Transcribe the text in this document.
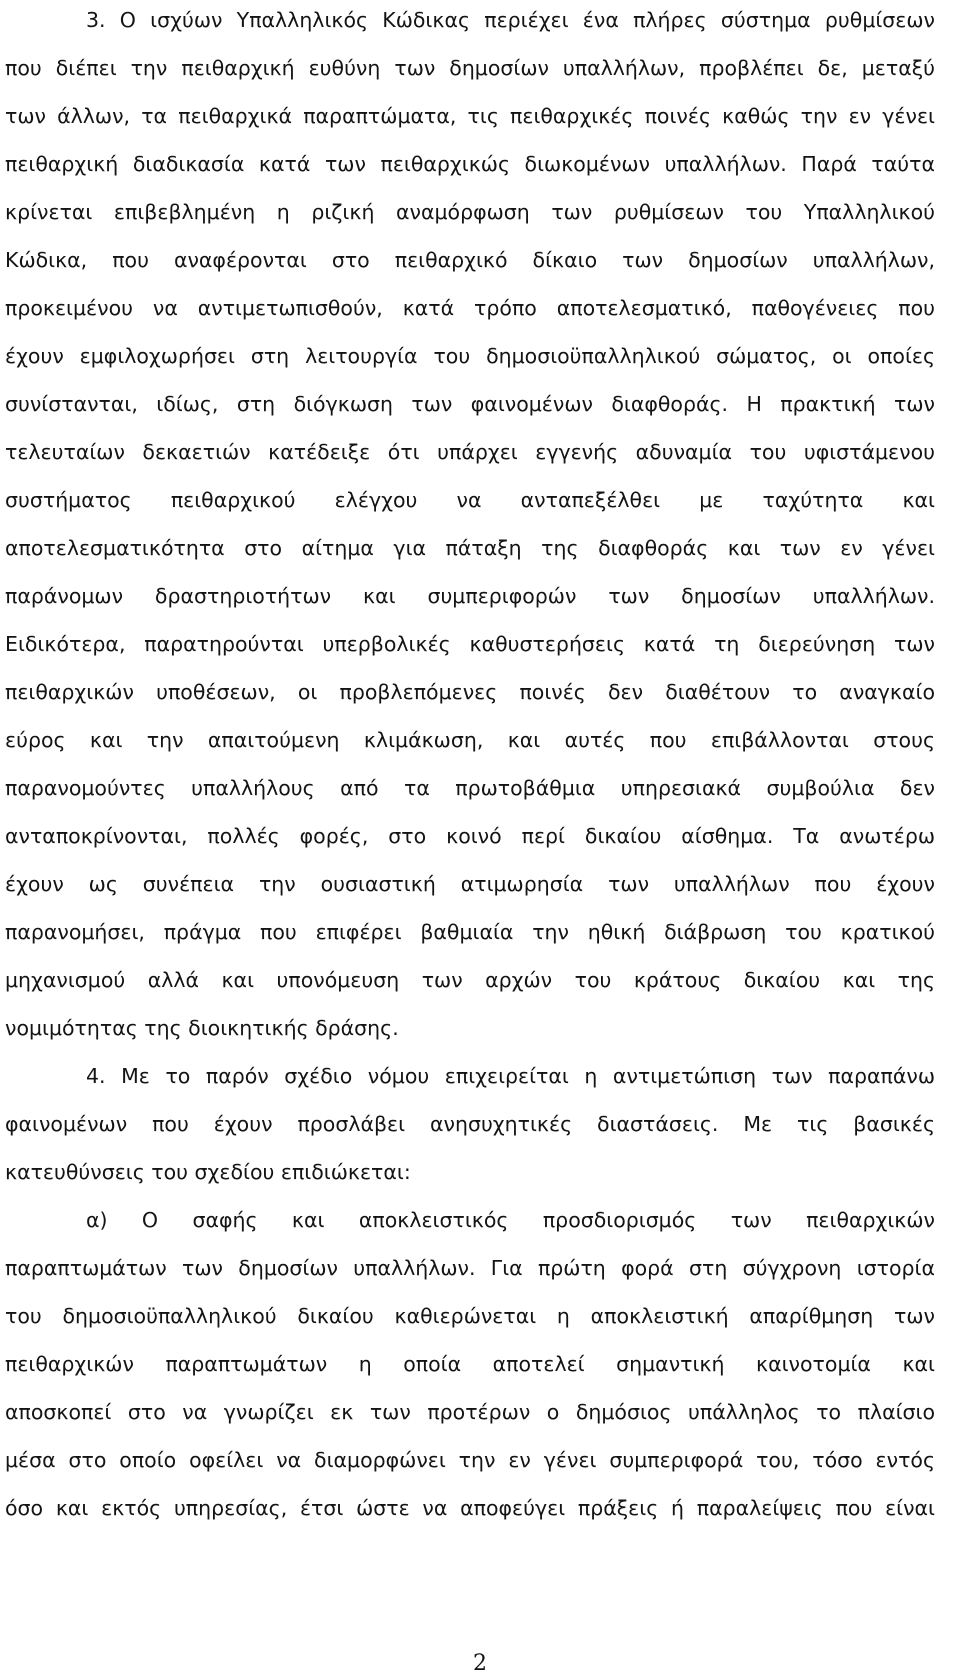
3. Ο ισχύων Υπαλληλικός Κώδικας περιέχει ένα πλήρες σύστημα ρυθμίσεων
που διέπει την πειθαρχική ευθύνη των δημοσίων υπαλλήλων, προβλέπει δε, μεταξύ
των άλλων, τα πειθαρχικά παραπτώματα, τις πειθαρχικές ποινές καθώς την εν γένει
πειθαρχική διαδικασία κατά των πειθαρχικώς διωκομένων υπαλλήλων. Παρά ταύτα
κρίνεται επιβεβλημένη η ριζική αναμόρφωση των ρυθμίσεων του Υπαλληλικού
Κώδικα, που αναφέρονται στο πειθαρχικό δίκαιο των δημοσίων υπαλλήλων,
προκειμένου να αντιμετωπισθούν, κατά τρόπο αποτελεσματικό, παθογένειες που
έχουν εμφιλοχωρήσει στη λειτουργία του δημοσιοϋπαλληλικού σώματος, οι οποίες
συνίστανται, ιδίως, στη διόγκωση των φαινομένων διαφθοράς. Η πρακτική των
τελευταίων δεκαετιών κατέδειξε ότι υπάρχει εγγενής αδυναμία του υφιστάμενου
συστήματος πειθαρχικού ελέγχου να ανταπεξέλθει με ταχύτητα και
αποτελεσματικότητα στο αίτημα για πάταξη της διαφθοράς και των εν γένει
παράνομων δραστηριοτήτων και συμπεριφορών των δημοσίων υπαλλήλων.
Ειδικότερα, παρατηρούνται υπερβολικές καθυστερήσεις κατά τη διερεύνηση των
πειθαρχικών υποθέσεων, οι προβλεπόμενες ποινές δεν διαθέτουν το αναγκαίο
εύρος και την απαιτούμενη κλιμάκωση, και αυτές που επιβάλλονται στους
παρανομούντες υπαλλήλους από τα πρωτοβάθμια υπηρεσιακά συμβούλια δεν
ανταποκρίνονται, πολλές φορές, στο κοινό περί δικαίου αίσθημα. Τα ανωτέρω
έχουν ως συνέπεια την ουσιαστική ατιμωρησία των υπαλλήλων που έχουν
παρανομήσει, πράγμα που επιφέρει βαθμιαία την ηθική διάβρωση του κρατικού
μηχανισμού αλλά και υπονόμευση των αρχών του κράτους δικαίου και της
νομιμότητας της διοικητικής δράσης.
4. Με το παρόν σχέδιο νόμου επιχειρείται η αντιμετώπιση των παραπάνω
φαινομένων που έχουν προσλάβει ανησυχητικές διαστάσεις. Με τις βασικές
κατευθύνσεις του σχεδίου επιδιώκεται:
α) Ο σαφής και αποκλειστικός προσδιορισμός των πειθαρχικών
παραπτωμάτων των δημοσίων υπαλλήλων. Για πρώτη φορά στη σύγχρονη ιστορία
του δημοσιοϋπαλληλικού δικαίου καθιερώνεται η αποκλειστική απαρίθμηση των
πειθαρχικών παραπτωμάτων η οποία αποτελεί σημαντική καινοτομία και
αποσκοπεί στο να γνωρίζει εκ των προτέρων ο δημόσιος υπάλληλος το πλαίσιο
μέσα στο οποίο οφείλει να διαμορφώνει την εν γένει συμπεριφορά του, τόσο εντός
όσο και εκτός υπηρεσίας, έτσι ώστε να αποφεύγει πράξεις ή παραλείψεις που είναι
2
